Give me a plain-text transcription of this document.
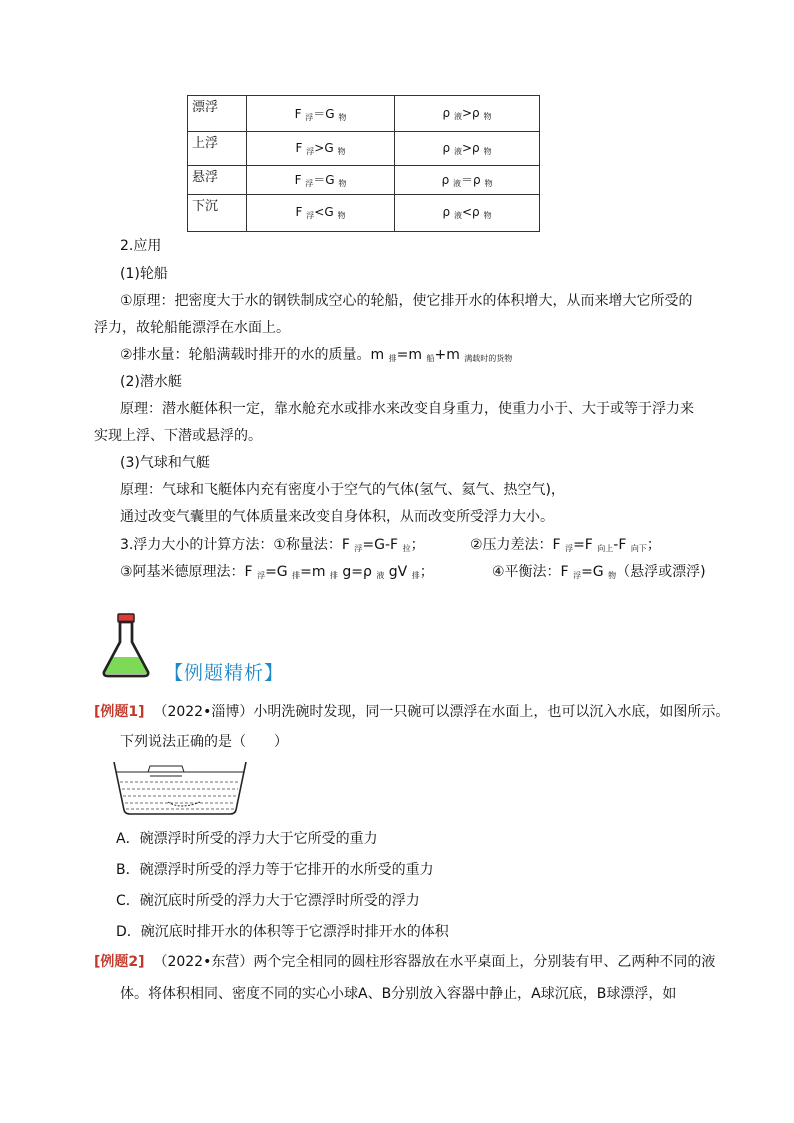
漂浮	F $_浮$＝G $_物$	ρ $_液$>ρ $_物$
上浮	F $_浮$>G $_物$	ρ $_液$>ρ $_物$
悬浮	F $_浮$＝G $_物$	ρ $_液$＝ρ $_物$
下沉	F $_浮$<G $_物$	ρ $_液$<ρ $_物$
2.应用
(1)轮船
①原理：把密度大于水的钢铁制成空心的轮船，使它排开水的体积增大，从而来增大它所受的
浮力，故轮船能漂浮在水面上。
②排水量：轮船满载时排开的水的质量。m $_排$=m $_船$+m $_{满载时的货物}$
(2)潜水艇
原理：潜水艇体积一定，靠水舱充水或排水来改变自身重力，使重力小于、大于或等于浮力来
实现上浮、下潜或悬浮的。
(3)气球和气艇
原理：气球和飞艇体内充有密度小于空气的气体(氢气、氦气、热空气)，
通过改变气囊里的气体质量来改变自身体积，从而改变所受浮力大小。
3.浮力大小的计算方法：①称量法：F $_浮$=G-F $_拉$；	②压力差法：F $_浮$=F $_{向上}$-F $_{向下}$；
③阿基米德原理法：F $_浮$=G $_排$=m $_排$ g=ρ $_液$ gV $_排$；	④平衡法：F $_浮$=G $_物$（悬浮或漂浮)
【例题精析】
[例题1] （2022•淄博）小明洗碗时发现，同一只碗可以漂浮在水面上，也可以沉入水底，如图所示。
下列说法正确的是（　　）
A．碗漂浮时所受的浮力大于它所受的重力
B．碗漂浮时所受的浮力等于它排开的水所受的重力
C．碗沉底时所受的浮力大于它漂浮时所受的浮力
D．碗沉底时排开水的体积等于它漂浮时排开水的体积
[例题2] （2022•东营）两个完全相同的圆柱形容器放在水平桌面上，分别装有甲、乙两种不同的液
体。将体积相同、密度不同的实心小球A、B分别放入容器中静止，A球沉底，B球漂浮，如
